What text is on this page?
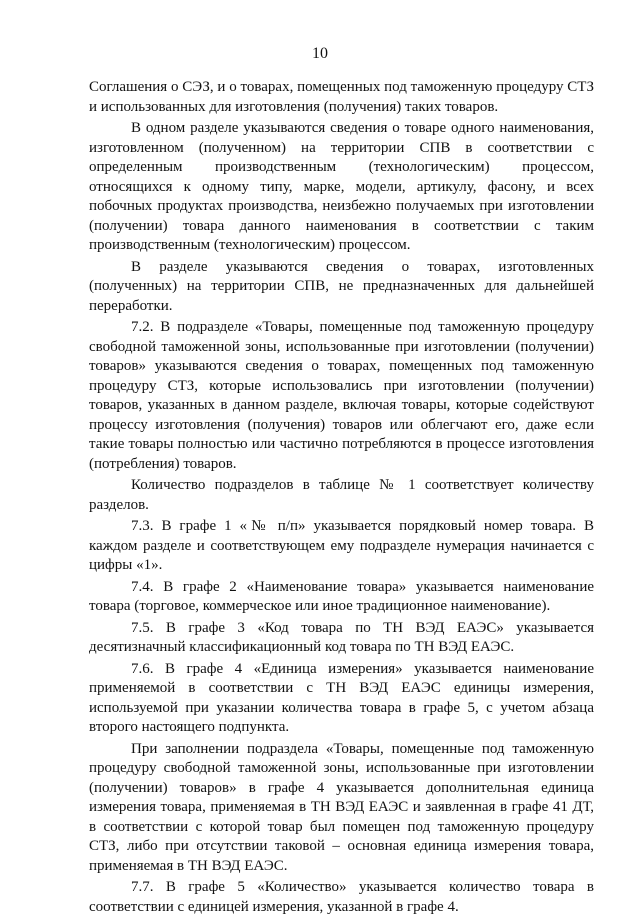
10

Соглашения о СЭЗ, и о товарах, помещенных под таможенную процедуру СТЗ и использованных для изготовления (получения) таких товаров.

В одном разделе указываются сведения о товаре одного наименования, изготовленном (полученном) на территории СПВ в соответствии с определенным производственным (технологическим) процессом, относящихся к одному типу, марке, модели, артикулу, фасону, и всех побочных продуктах производства, неизбежно получаемых при изготовлении (получении) товара данного наименования в соответствии с таким производственным (технологическим) процессом.

В разделе указываются сведения о товарах, изготовленных (полученных) на территории СПВ, не предназначенных для дальнейшей переработки.

7.2. В подразделе «Товары, помещенные под таможенную процедуру свободной таможенной зоны, использованные при изготовлении (получении) товаров» указываются сведения о товарах, помещенных под таможенную процедуру СТЗ, которые использовались при изготовлении (получении) товаров, указанных в данном разделе, включая товары, которые содействуют процессу изготовления (получения) товаров или облегчают его, даже если такие товары полностью или частично потребляются в процессе изготовления (потребления) товаров.

Количество подразделов в таблице № 1 соответствует количеству разделов.

7.3. В графе 1 «№ п/п» указывается порядковый номер товара. В каждом разделе и соответствующем ему подразделе нумерация начинается с цифры «1».

7.4. В графе 2 «Наименование товара» указывается наименование товара (торговое, коммерческое или иное традиционное наименование).

7.5. В графе 3 «Код товара по ТН ВЭД ЕАЭС» указывается десятизначный классификационный код товара по ТН ВЭД ЕАЭС.

7.6. В графе 4 «Единица измерения» указывается наименование применяемой в соответствии с ТН ВЭД ЕАЭС единицы измерения, используемой при указании количества товара в графе 5, с учетом абзаца второго настоящего подпункта.

При заполнении подраздела «Товары, помещенные под таможенную процедуру свободной таможенной зоны, использованные при изготовлении (получении) товаров» в графе 4 указывается дополнительная единица измерения товара, применяемая в ТН ВЭД ЕАЭС и заявленная в графе 41 ДТ, в соответствии с которой товар был помещен под таможенную процедуру СТЗ, либо при отсутствии таковой – основная единица измерения товара, применяемая в ТН ВЭД ЕАЭС.

7.7. В графе 5 «Количество» указывается количество товара в соответствии с единицей измерения, указанной в графе 4.
